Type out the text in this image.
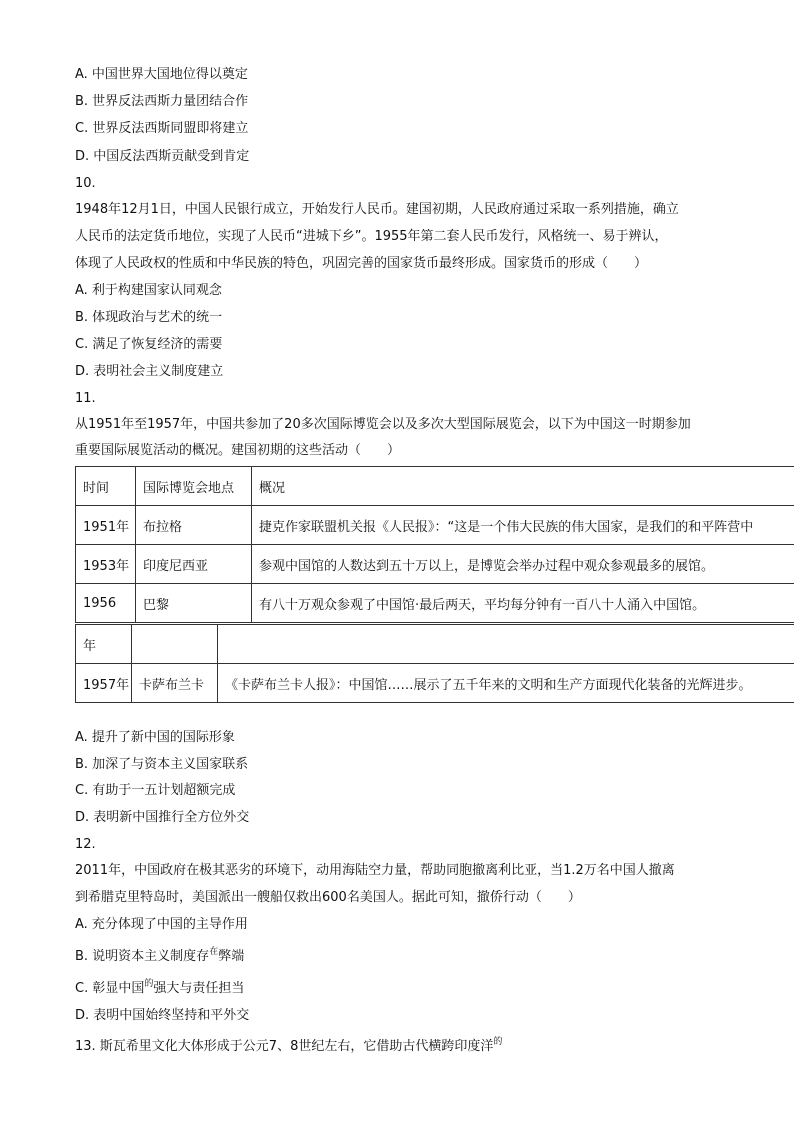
A. 中国世界大国地位得以奠定
B. 世界反法西斯力量团结合作
C. 世界反法西斯同盟即将建立
D. 中国反法西斯贡献受到肯定
10.
1948年12月1日，中国人民银行成立，开始发行人民币。建国初期，人民政府通过采取一系列措施，确立
人民币的法定货币地位，实现了人民币“进城下乡”。1955年第二套人民币发行，风格统一、易于辨认，
体现了人民政权的性质和中华民族的特色，巩固完善的国家货币最终形成。国家货币的形成（　　）
A. 利于构建国家认同观念
B. 体现政治与艺术的统一
C. 满足了恢复经济的需要
D. 表明社会主义制度建立
11.
从1951年至1957年，中国共参加了20多次国际博览会以及多次大型国际展览会，以下为中国这一时期参加
重要国际展览活动的概况。建国初期的这些活动（　　）
时间	国际博览会地点	概况
1951年	布拉格	捷克作家联盟机关报《人民报》：“这是一个伟大民族的伟大国家，是我们的和平阵营中
1953年	印度尼西亚	参观中国馆的人数达到五十万以上，是博览会举办过程中观众参观最多的展馆。
1956	巴黎	有八十万观众参观了中国馆·最后两天，平均每分钟有一百八十人涌入中国馆。
年		
1957年	卡萨布兰卡	《卡萨布兰卡人报》：中国馆……展示了五千年来的文明和生产方面现代化装备的光辉进步。
A. 提升了新中国的国际形象
B. 加深了与资本主义国家联系
C. 有助于一五计划超额完成
D. 表明新中国推行全方位外交
12.
2011年，中国政府在极其恶劣的环境下，动用海陆空力量，帮助同胞撤离利比亚，当1.2万名中国人撤离
到希腊克里特岛时，美国派出一艘船仅救出600名美国人。据此可知，撤侨行动（　　）
A. 充分体现了中国的主导作用
B. 说明资本主义制度存$^在$弊端
C. 彰显中国$^的$强大与责任担当
D. 表明中国始终坚持和平外交
13. 斯瓦希里文化大体形成于公元7、8世纪左右，它借助古代横跨印度洋$^的$
